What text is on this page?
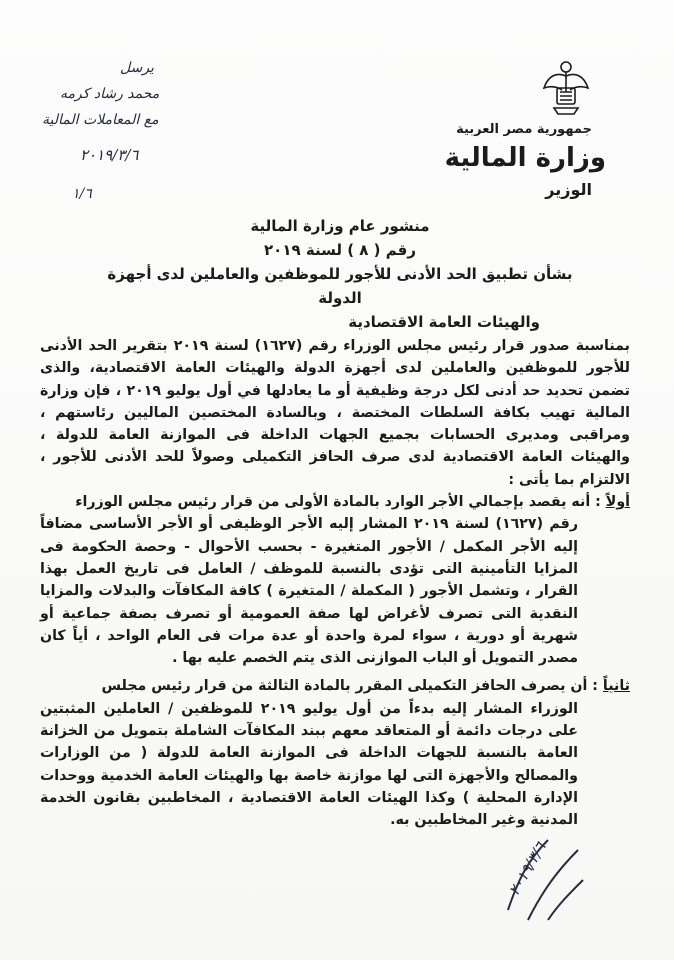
يرسل
محمد رشاد كرمه
مع المعاملات المالية
٢٠١٩/٣/٦
١/٦
جمهورية مصر العربية
وزارة المالية
الوزير
منشور عام وزارة المالية
رقم ( ٨ ) لسنة ٢٠١٩
بشأن تطبيق الحد الأدنى للأجور للموظفين والعاملين لدى أجهزة الدولة
والهيئات العامة الاقتصادية

بمناسبة صدور قرار رئيس مجلس الوزراء رقم (١٦٢٧) لسنة ٢٠١٩ بتقرير الحد الأدنى للأجور للموظفين والعاملين لدى أجهزة الدولة والهيئات العامة الاقتصادية، والذى تضمن تحديد حد أدنى لكل درجة وظيفية أو ما يعادلها في أول يوليو ٢٠١٩ ، فإن وزارة المالية تهيب بكافة السلطات المختصة ، وبالسادة المختصين الماليين رئاستهم ، ومراقبى ومديرى الحسابات بجميع الجهات الداخلة فى الموازنة العامة للدولة ، والهيئات العامة الاقتصادية لدى صرف الحافز التكميلى وصولاً للحد الأدنى للأجور ، الالتزام بما يأتى :

أولاً : أنه يقصد بإجمالي الأجر الوارد بالمادة الأولى من قرار رئيس مجلس الوزراء
رقم (١٦٢٧) لسنة ٢٠١٩ المشار إليه الأجر الوظيفى أو الأجر الأساسى مضافاً إليه الأجر المكمل / الأجور المتغيرة - بحسب الأحوال - وحصة الحكومة فى المزايا التأمينية التى تؤدى بالنسبة للموظف / العامل فى تاريخ العمل بهذا القرار ، وتشمل الأجور ( المكملة / المتغيرة ) كافة المكافآت والبدلات والمزايا النقدية التى تصرف لأغراض لها صفة العمومية أو تصرف بصفة جماعية أو شهرية أو دورية ، سواء لمرة واحدة أو عدة مرات فى العام الواحد ، أياً كان مصدر التمويل أو الباب الموازنى الذى يتم الخصم عليه بها .
ثانياً : أن يصرف الحافز التكميلى المقرر بالمادة الثالثة من قرار رئيس مجلس
الوزراء المشار إليه بدءاً من أول يوليو ٢٠١٩ للموظفين / العاملين المثبتين على درجات دائمة أو المتعاقد معهم ببند المكافآت الشاملة بتمويل من الخزانة العامة بالنسبة للجهات الداخلة فى الموازنة العامة للدولة ( من الوزارات والمصالح والأجهزة التى لها موازنة خاصة بها والهيئات العامة الخدمية ووحدات الإدارة المحلية ) وكذا الهيئات العامة الاقتصادية ، المخاطبين بقانون الخدمة المدنية وغير المخاطبين به.
٢٠١٩/٣/٦
